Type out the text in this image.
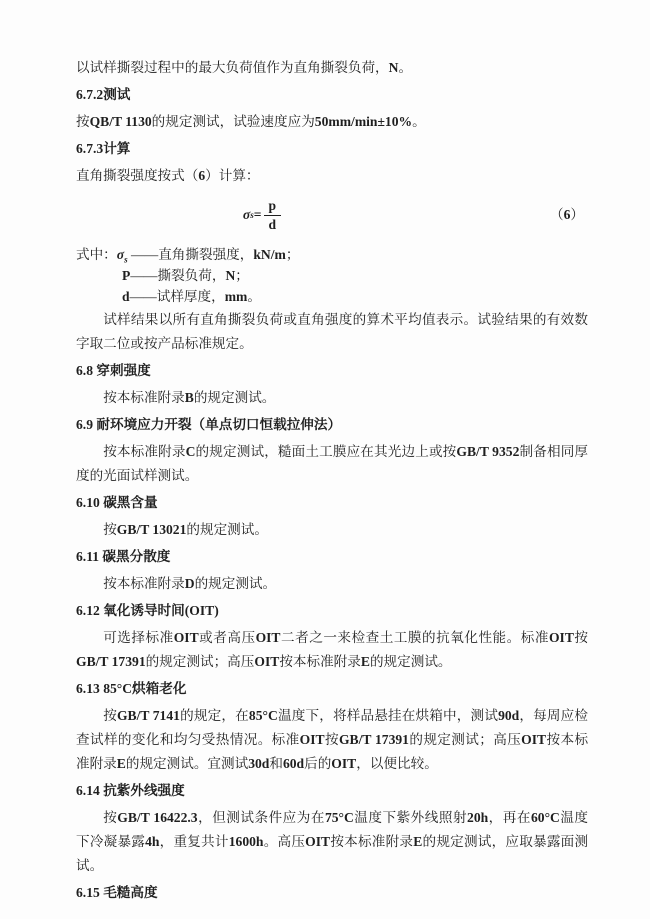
以试样撕裂过程中的最大负荷值作为直角撕裂负荷，N。

6.7.2测试

按QB/T 1130的规定测试，试验速度应为50mm/min±10%。

6.7.3计算

直角撕裂强度按式（6）计算：

σ $s = \frac{p}{d}$	（6）

式中：$\sigma_s$ ——直角撕裂强度，kN/m；

P——撕裂负荷，N；

d——试样厚度，mm。

试样结果以所有直角撕裂负荷或直角强度的算术平均值表示。试验结果的有效数字取二位或按产品标准规定。

6.8 穿刺强度

按本标准附录B的规定测试。

6.9 耐环境应力开裂（单点切口恒载拉伸法）

按本标准附录C的规定测试，糙面土工膜应在其光边上或按GB/T 9352制备相同厚度的光面试样测试。

6.10 碳黑含量

按GB/T 13021的规定测试。

6.11 碳黑分散度

按本标准附录D的规定测试。

6.12 氧化诱导时间(OIT)

可选择标准OIT或者高压OIT二者之一来检查土工膜的抗氧化性能。标准OIT按GB/T 17391的规定测试；高压OIT按本标准附录E的规定测试。

6.13 85°C烘箱老化

按GB/T 7141的规定，在85°C温度下，将样品悬挂在烘箱中，测试90d，每周应检查试样的变化和均匀受热情况。标准OIT按GB/T 17391的规定测试；高压OIT按本标准附录E的规定测试。宜测试30d和60d后的OIT，以便比较。

6.14 抗紫外线强度

按GB/T 16422.3，但测试条件应为在75°C温度下紫外线照射20h，再在60°C温度下冷凝暴露4h，重复共计1600h。高压OIT按本标准附录E的规定测试，应取暴露面测试。

6.15 毛糙高度
